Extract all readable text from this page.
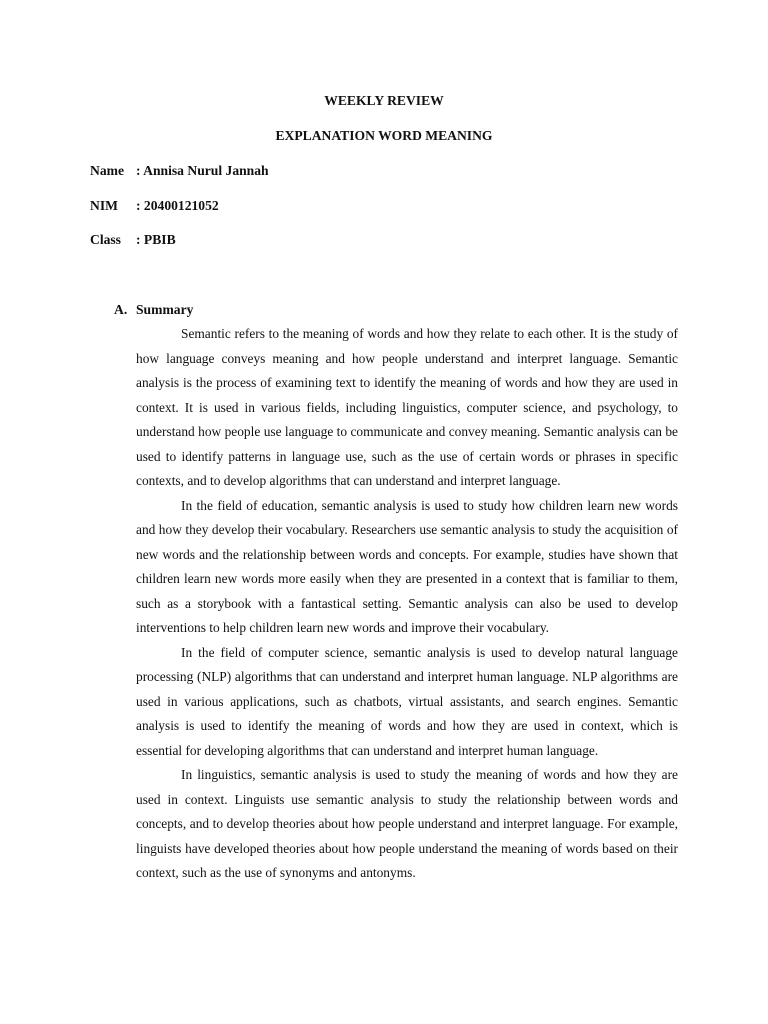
WEEKLY REVIEW
EXPLANATION WORD MEANING
Name : Annisa Nurul Jannah
NIM : 20400121052
Class : PBIB
A. Summary

Semantic refers to the meaning of words and how they relate to each other. It is the study of how language conveys meaning and how people understand and interpret language. Semantic analysis is the process of examining text to identify the meaning of words and how they are used in context. It is used in various fields, including linguistics, computer science, and psychology, to understand how people use language to communicate and convey meaning. Semantic analysis can be used to identify patterns in language use, such as the use of certain words or phrases in specific contexts, and to develop algorithms that can understand and interpret language.

In the field of education, semantic analysis is used to study how children learn new words and how they develop their vocabulary. Researchers use semantic analysis to study the acquisition of new words and the relationship between words and concepts. For example, studies have shown that children learn new words more easily when they are presented in a context that is familiar to them, such as a storybook with a fantastical setting. Semantic analysis can also be used to develop interventions to help children learn new words and improve their vocabulary.

In the field of computer science, semantic analysis is used to develop natural language processing (NLP) algorithms that can understand and interpret human language. NLP algorithms are used in various applications, such as chatbots, virtual assistants, and search engines. Semantic analysis is used to identify the meaning of words and how they are used in context, which is essential for developing algorithms that can understand and interpret human language.

In linguistics, semantic analysis is used to study the meaning of words and how they are used in context. Linguists use semantic analysis to study the relationship between words and concepts, and to develop theories about how people understand and interpret language. For example, linguists have developed theories about how people understand the meaning of words based on their context, such as the use of synonyms and antonyms.
